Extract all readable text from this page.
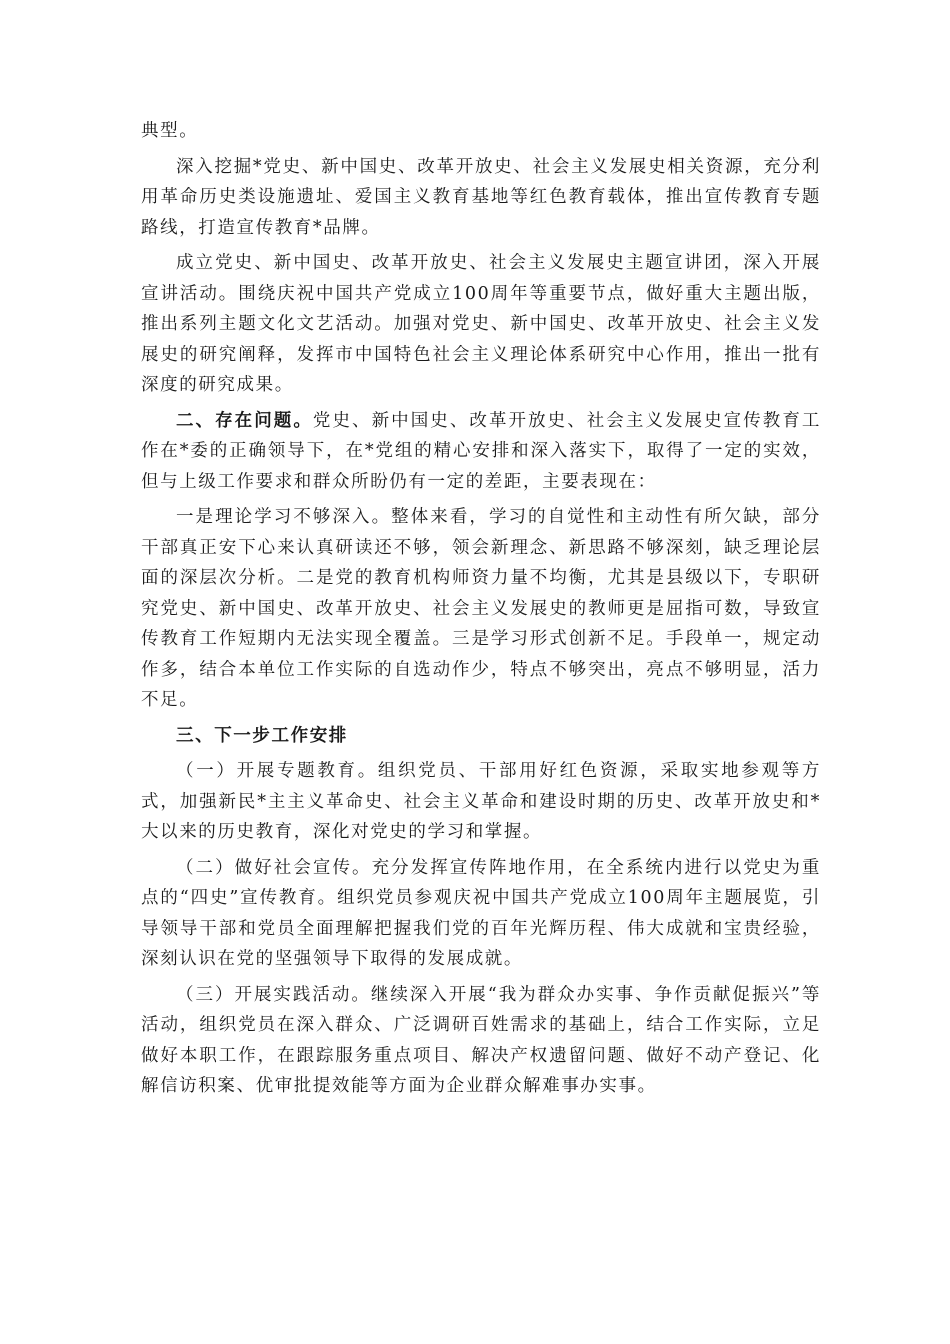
典型。

深入挖掘*党史、新中国史、改革开放史、社会主义发展史相关资源，充分利用革命历史类设施遗址、爱国主义教育基地等红色教育载体，推出宣传教育专题路线，打造宣传教育*品牌。

成立党史、新中国史、改革开放史、社会主义发展史主题宣讲团，深入开展宣讲活动。围绕庆祝中国共产党成立100周年等重要节点，做好重大主题出版，推出系列主题文化文艺活动。加强对党史、新中国史、改革开放史、社会主义发展史的研究阐释，发挥市中国特色社会主义理论体系研究中心作用，推出一批有深度的研究成果。

二、存在问题。党史、新中国史、改革开放史、社会主义发展史宣传教育工作在*委的正确领导下，在*党组的精心安排和深入落实下，取得了一定的实效，但与上级工作要求和群众所盼仍有一定的差距，主要表现在：

一是理论学习不够深入。整体来看，学习的自觉性和主动性有所欠缺，部分干部真正安下心来认真研读还不够，领会新理念、新思路不够深刻，缺乏理论层面的深层次分析。二是党的教育机构师资力量不均衡，尤其是县级以下，专职研究党史、新中国史、改革开放史、社会主义发展史的教师更是屈指可数，导致宣传教育工作短期内无法实现全覆盖。三是学习形式创新不足。手段单一，规定动作多，结合本单位工作实际的自选动作少，特点不够突出，亮点不够明显，活力不足。

三、下一步工作安排

（一）开展专题教育。组织党员、干部用好红色资源，采取实地参观等方式，加强新民*主主义革命史、社会主义革命和建设时期的历史、改革开放史和*大以来的历史教育，深化对党史的学习和掌握。

（二）做好社会宣传。充分发挥宣传阵地作用，在全系统内进行以党史为重点的“四史”宣传教育。组织党员参观庆祝中国共产党成立100周年主题展览，引导领导干部和党员全面理解把握我们党的百年光辉历程、伟大成就和宝贵经验，深刻认识在党的坚强领导下取得的发展成就。

（三）开展实践活动。继续深入开展“我为群众办实事、争作贡献促振兴”等活动，组织党员在深入群众、广泛调研百姓需求的基础上，结合工作实际，立足做好本职工作，在跟踪服务重点项目、解决产权遗留问题、做好不动产登记、化解信访积案、优审批提效能等方面为企业群众解难事办实事。
